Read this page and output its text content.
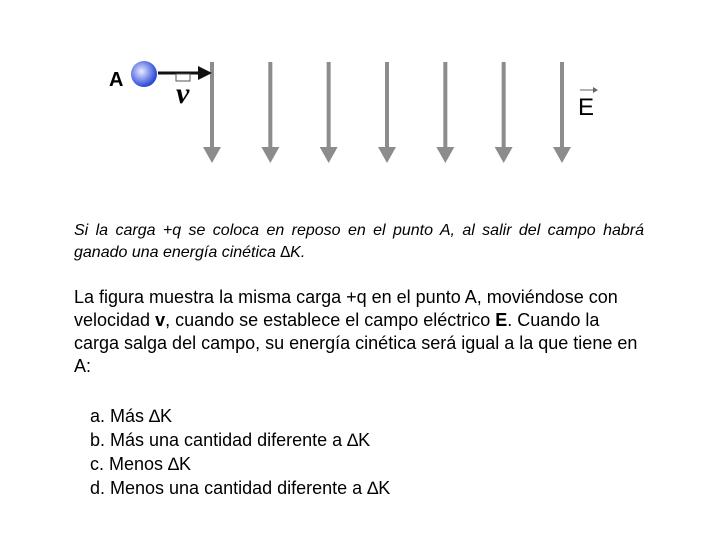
A v	E
Si la carga +q se coloca en reposo en el punto A, al salir del campo habrá ganado una energía cinética ∆K.
La figura muestra la misma carga +q en el punto A, moviéndose con velocidad v, cuando se establece el campo eléctrico E. Cuando la carga salga del campo, su energía cinética será igual a la que tiene en A:
a. Más ∆K
b. Más una cantidad diferente a ∆K
c. Menos ∆K
d. Menos una cantidad diferente a ∆K
